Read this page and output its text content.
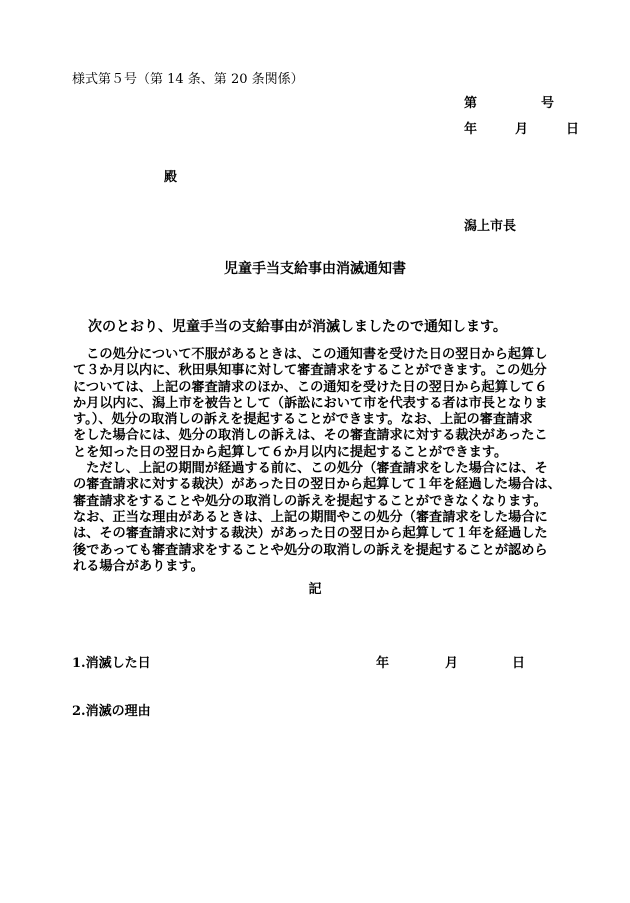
様式第５号（第 14 条、第 20 条関係）
第	号
年	月	日
殿
潟上市長
児童手当支給事由消滅通知書
次のとおり、児童手当の支給事由が消滅しましたので通知します。
　この処分について不服があるときは、この通知書を受けた日の翌日から起算し
て３か月以内に、秋田県知事に対して審査請求をすることができます。この処分
については、上記の審査請求のほか、この通知を受けた日の翌日から起算して６
か月以内に、潟上市を被告として（訴訟において市を代表する者は市長となりま
す。）、処分の取消しの訴えを提起することができます。なお、上記の審査請求
をした場合には、処分の取消しの訴えは、その審査請求に対する裁決があったこ
とを知った日の翌日から起算して６か月以内に提起することができます。
　ただし、上記の期間が経過する前に、この処分（審査請求をした場合には、そ
の審査請求に対する裁決）があった日の翌日から起算して１年を経過した場合は、
審査請求をすることや処分の取消しの訴えを提起することができなくなります。
なお、正当な理由があるときは、上記の期間やこの処分（審査請求をした場合に
は、その審査請求に対する裁決）があった日の翌日から起算して１年を経過した
後であっても審査請求をすることや処分の取消しの訴えを提起することが認めら
れる場合があります。
記
1.消滅した日	年	月	日
2.消滅の理由
